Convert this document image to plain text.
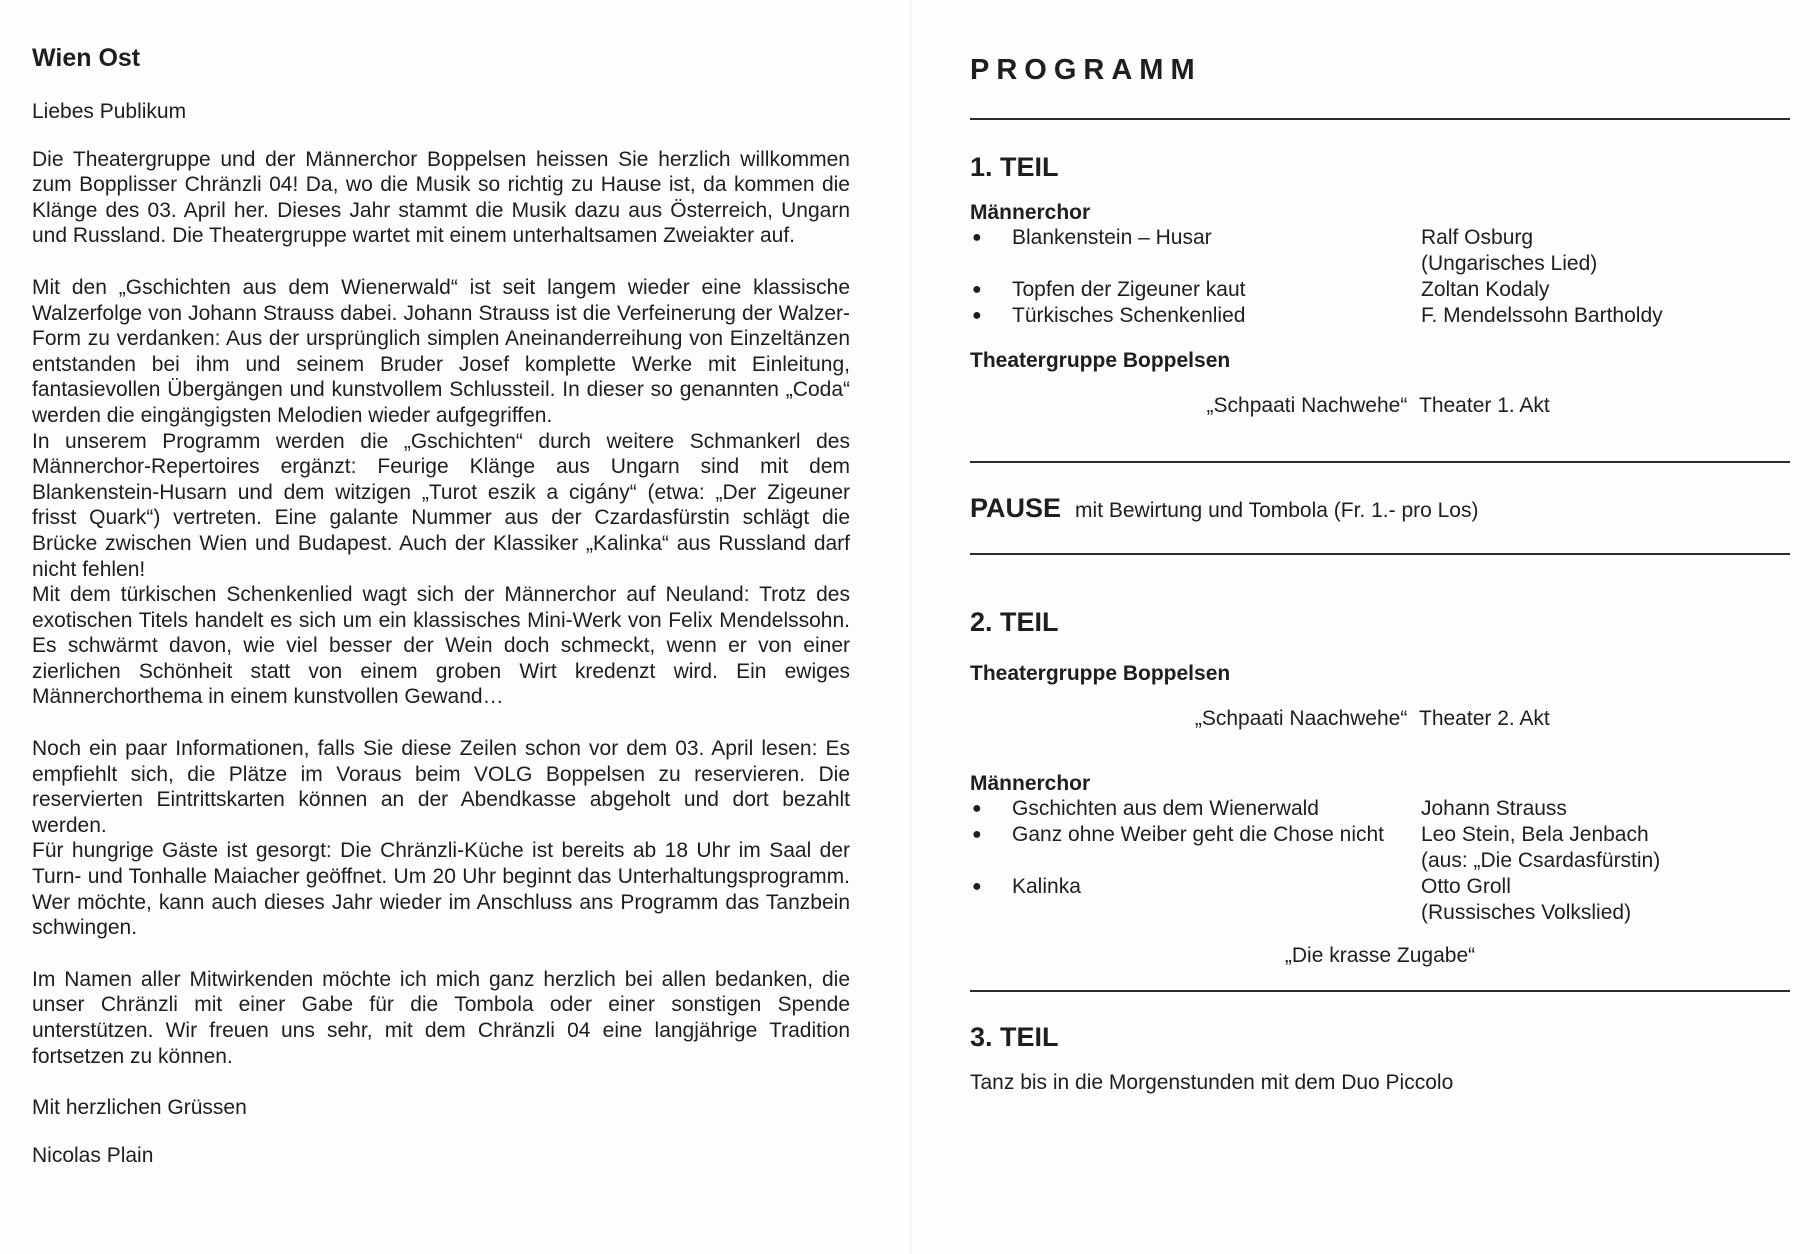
Wien Ost

Liebes Publikum

Die Theatergruppe und der Männerchor Boppelsen heissen Sie herzlich willkommen zum Bopplisser Chränzli 04! Da, wo die Musik so richtig zu Hause ist, da kommen die Klänge des 03. April her. Dieses Jahr stammt die Musik dazu aus Österreich, Ungarn und Russland. Die Theatergruppe wartet mit einem unterhaltsamen Zweiakter auf.

Mit den „Gschichten aus dem Wienerwald“ ist seit langem wieder eine klassische Walzerfolge von Johann Strauss dabei. Johann Strauss ist die Verfeinerung der Walzer-Form zu verdanken: Aus der ursprünglich simplen Aneinanderreihung von Einzeltänzen entstanden bei ihm und seinem Bruder Josef komplette Werke mit Einleitung, fantasievollen Übergängen und kunstvollem Schlussteil. In dieser so genannten „Coda“ werden die eingängigsten Melodien wieder aufgegriffen.

In unserem Programm werden die „Gschichten“ durch weitere Schmankerl des Männerchor-Repertoires ergänzt: Feurige Klänge aus Ungarn sind mit dem Blankenstein-Husarn und dem witzigen „Turot eszik a cigány“ (etwa: „Der Zigeuner frisst Quark“) vertreten. Eine galante Nummer aus der Czardasfürstin schlägt die Brücke zwischen Wien und Budapest. Auch der Klassiker „Kalinka“ aus Russland darf nicht fehlen!

Mit dem türkischen Schenkenlied wagt sich der Männerchor auf Neuland: Trotz des exotischen Titels handelt es sich um ein klassisches Mini-Werk von Felix Mendelssohn. Es schwärmt davon, wie viel besser der Wein doch schmeckt, wenn er von einer zierlichen Schönheit statt von einem groben Wirt kredenzt wird. Ein ewiges Männerchorthema in einem kunstvollen Gewand…

Noch ein paar Informationen, falls Sie diese Zeilen schon vor dem 03. April lesen: Es empfiehlt sich, die Plätze im Voraus beim VOLG Boppelsen zu reservieren. Die reservierten Eintrittskarten können an der Abendkasse abgeholt und dort bezahlt werden.

Für hungrige Gäste ist gesorgt: Die Chränzli-Küche ist bereits ab 18 Uhr im Saal der Turn- und Tonhalle Maiacher geöffnet. Um 20 Uhr beginnt das Unterhaltungsprogramm. Wer möchte, kann auch dieses Jahr wieder im Anschluss ans Programm das Tanzbein schwingen.

Im Namen aller Mitwirkenden möchte ich mich ganz herzlich bei allen bedanken, die unser Chränzli mit einer Gabe für die Tombola oder einer sonstigen Spende unterstützen. Wir freuen uns sehr, mit dem Chränzli 04 eine langjährige Tradition fortsetzen zu können.

Mit herzlichen Grüssen

Nicolas Plain

PROGRAMM
1. TEIL
Männerchor
●	Blankenstein – Husar	Ralf Osburg
(Ungarisches Lied)
●	Topfen der Zigeuner kaut	Zoltan Kodaly
●	Türkisches Schenkenlied	F. Mendelssohn Bartholdy
Theatergruppe Boppelsen
„Schpaati Nachwehe“ Theater 1. Akt
PAUSE mit Bewirtung und Tombola (Fr. 1.- pro Los)
2. TEIL
Theatergruppe Boppelsen
„Schpaati Naachwehe“ Theater 2. Akt
Männerchor
●	Gschichten aus dem Wienerwald	Johann Strauss
●	Ganz ohne Weiber geht die Chose nicht	Leo Stein, Bela Jenbach
(aus: „Die Csardasfürstin)
●	Kalinka	Otto Groll
(Russisches Volkslied)
„Die krasse Zugabe“
3. TEIL
Tanz bis in die Morgenstunden mit dem Duo Piccolo
